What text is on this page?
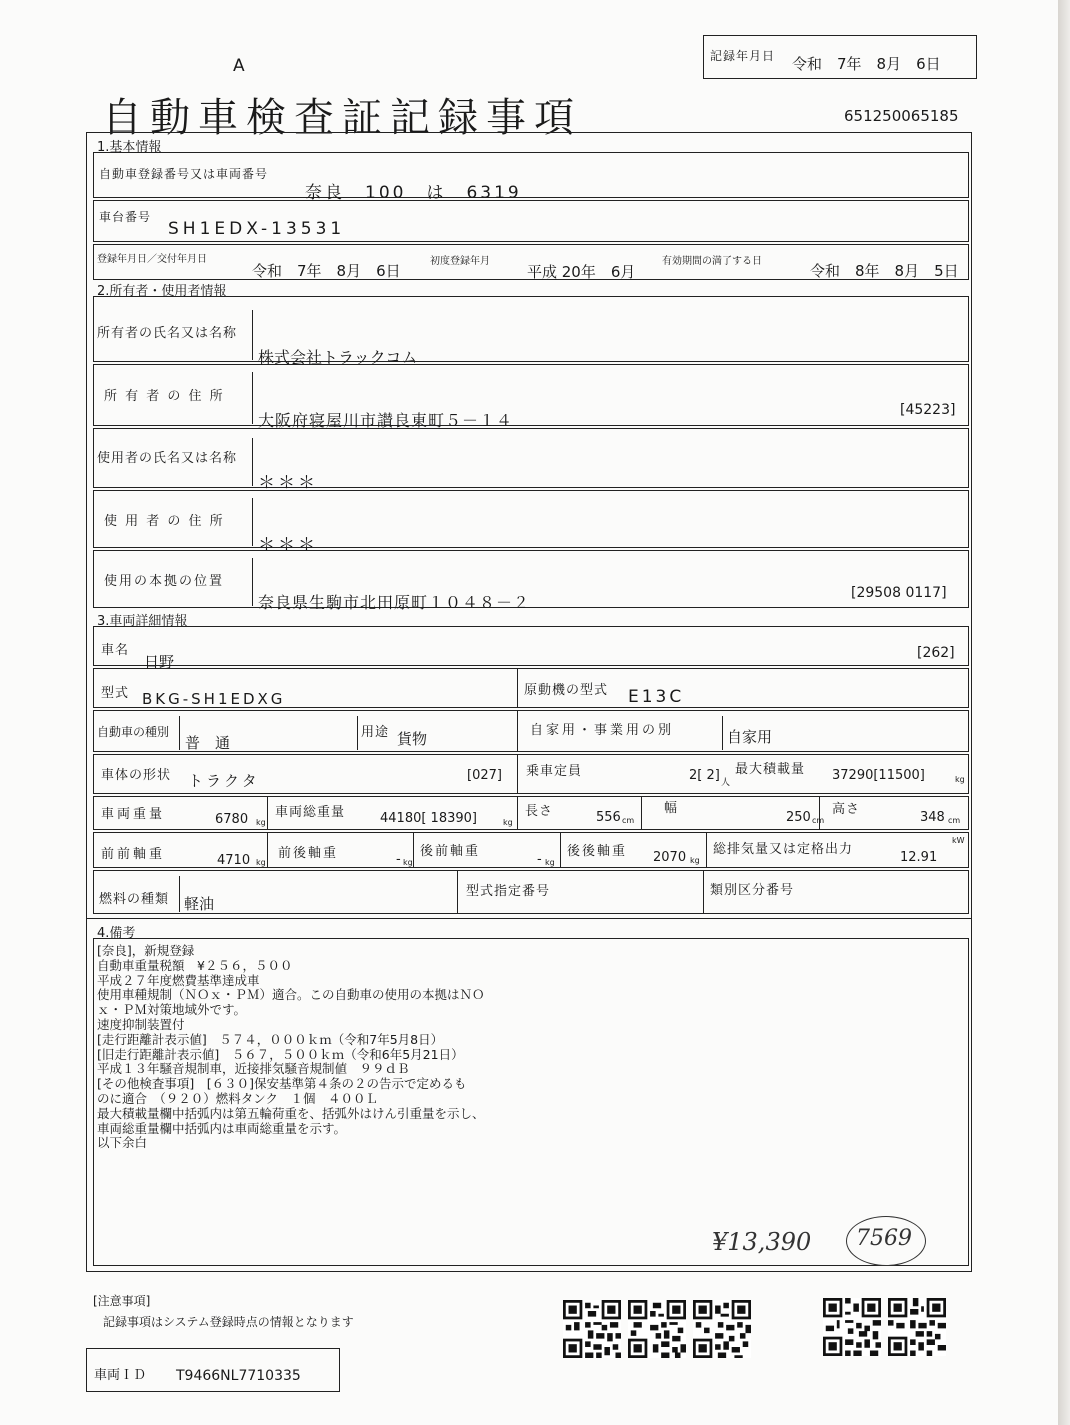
A	記録年月日 令和　7年　8月　6日
自動車検査証記録事項	651250065185
1.基本情報
自動車登録番号又は車両番号
奈良　100　は　6319
車台番号
SH1EDX-13531
登録年月日／交付年月日
令和　7年　8月　6日
初度登録年月
平成 20年　6月
有効期間の満了する日
令和　8年　8月　5日
2.所有者・使用者情報
所有者の氏名又は名称
株式会社トラックコム
所 有 者 の 住 所
大阪府寝屋川市讃良東町５－１４
[45223]
使用者の氏名又は名称
＊＊＊
使 用 者 の 住 所
＊＊＊
使用の本拠の位置
奈良県生駒市北田原町１０４８－２	[29508 0117]
3.車両詳細情報
車名
日野	[262]
型式 BKG-SH1EDXG	原動機の型式 E13C
自動車の種別
普　通
用途 貨物	自家用・事業用の別	自家用
車体の形状 トラクタ	[027] 乗車定員	2[ 2] 人
最大積載量 37290[11500]	kg
車両重量	6780 kg
車両総重量	44180[ 18390]	kg
長さ	556 cm
幅
250 cm
高さ
348 cm
前前軸重	4710 kg
前後軸重	- kg
後前軸重
- kg
後後軸重 2070 kg
総排気量又は定格出力
12.91
kW
燃料の種類 軽油
型式指定番号	類別区分番号
4.備考
[奈良]，新規登録
自動車重量税額　¥２５６，５００
平成２７年度燃費基準達成車
使用車種規制（ＮＯｘ・ＰＭ）適合。この自動車の使用の本拠はＮＯ
ｘ・ＰＭ対策地域外です。
速度抑制装置付
[走行距離計表示値]　５７４，０００ｋｍ（令和7年5月8日）
[旧走行距離計表示値]　５６７，５００ｋｍ（令和6年5月21日）
平成１３年騒音規制車，近接排気騒音規制値　９９ｄＢ
[その他検査事項]　[６３０]保安基準第４条の２の告示で定めるも
のに適合　（９２０）燃料タンク　１個　４００Ｌ
最大積載量欄中括弧内は第五輪荷重を、括弧外はけん引重量を示し、
車両総重量欄中括弧内は車両総重量を示す。
以下余白
¥13,390 7569
[注意事項]
記録事項はシステム登録時点の情報となります
車両ＩＤ T9466NL7710335
